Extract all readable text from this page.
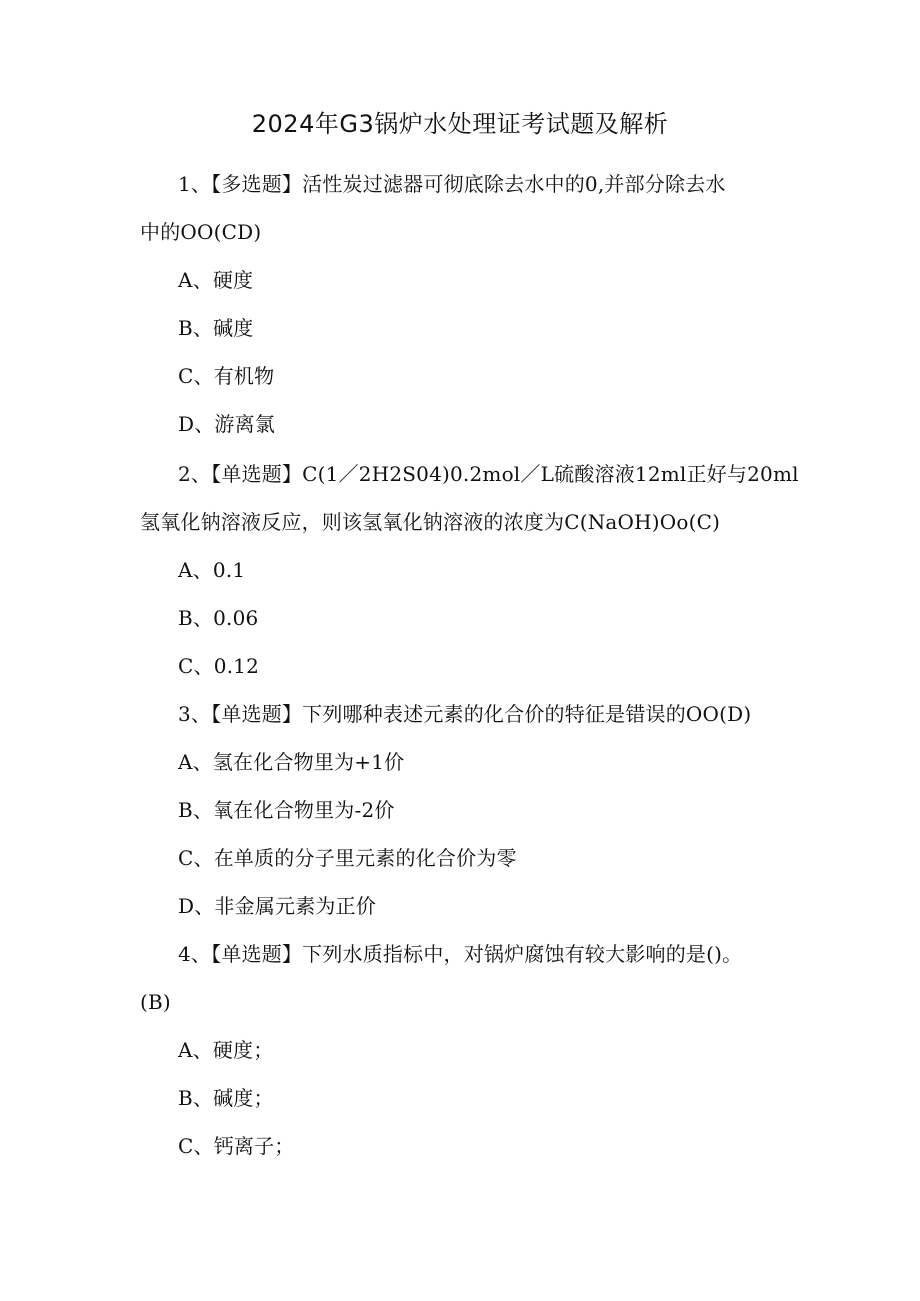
2024年G3锅炉水处理证考试题及解析
1、【多选题】活性炭过滤器可彻底除去水中的0,并部分除去水
中的OO(CD)
A、硬度
B、碱度
C、有机物
D、游离氯
2、【单选题】C(1／2H2S04)0.2mol／L硫酸溶液12ml正好与20ml
氢氧化钠溶液反应，则该氢氧化钠溶液的浓度为C(NaOH)Oo(C)
A、0.1
B、0.06
C、0.12
3、【单选题】下列哪种表述元素的化合价的特征是错误的OO(D)
A、氢在化合物里为+1价
B、氧在化合物里为-2价
C、在单质的分子里元素的化合价为零
D、非金属元素为正价
4、【单选题】下列水质指标中，对锅炉腐蚀有较大影响的是()。
(B)
A、硬度；
B、碱度；
C、钙离子；
